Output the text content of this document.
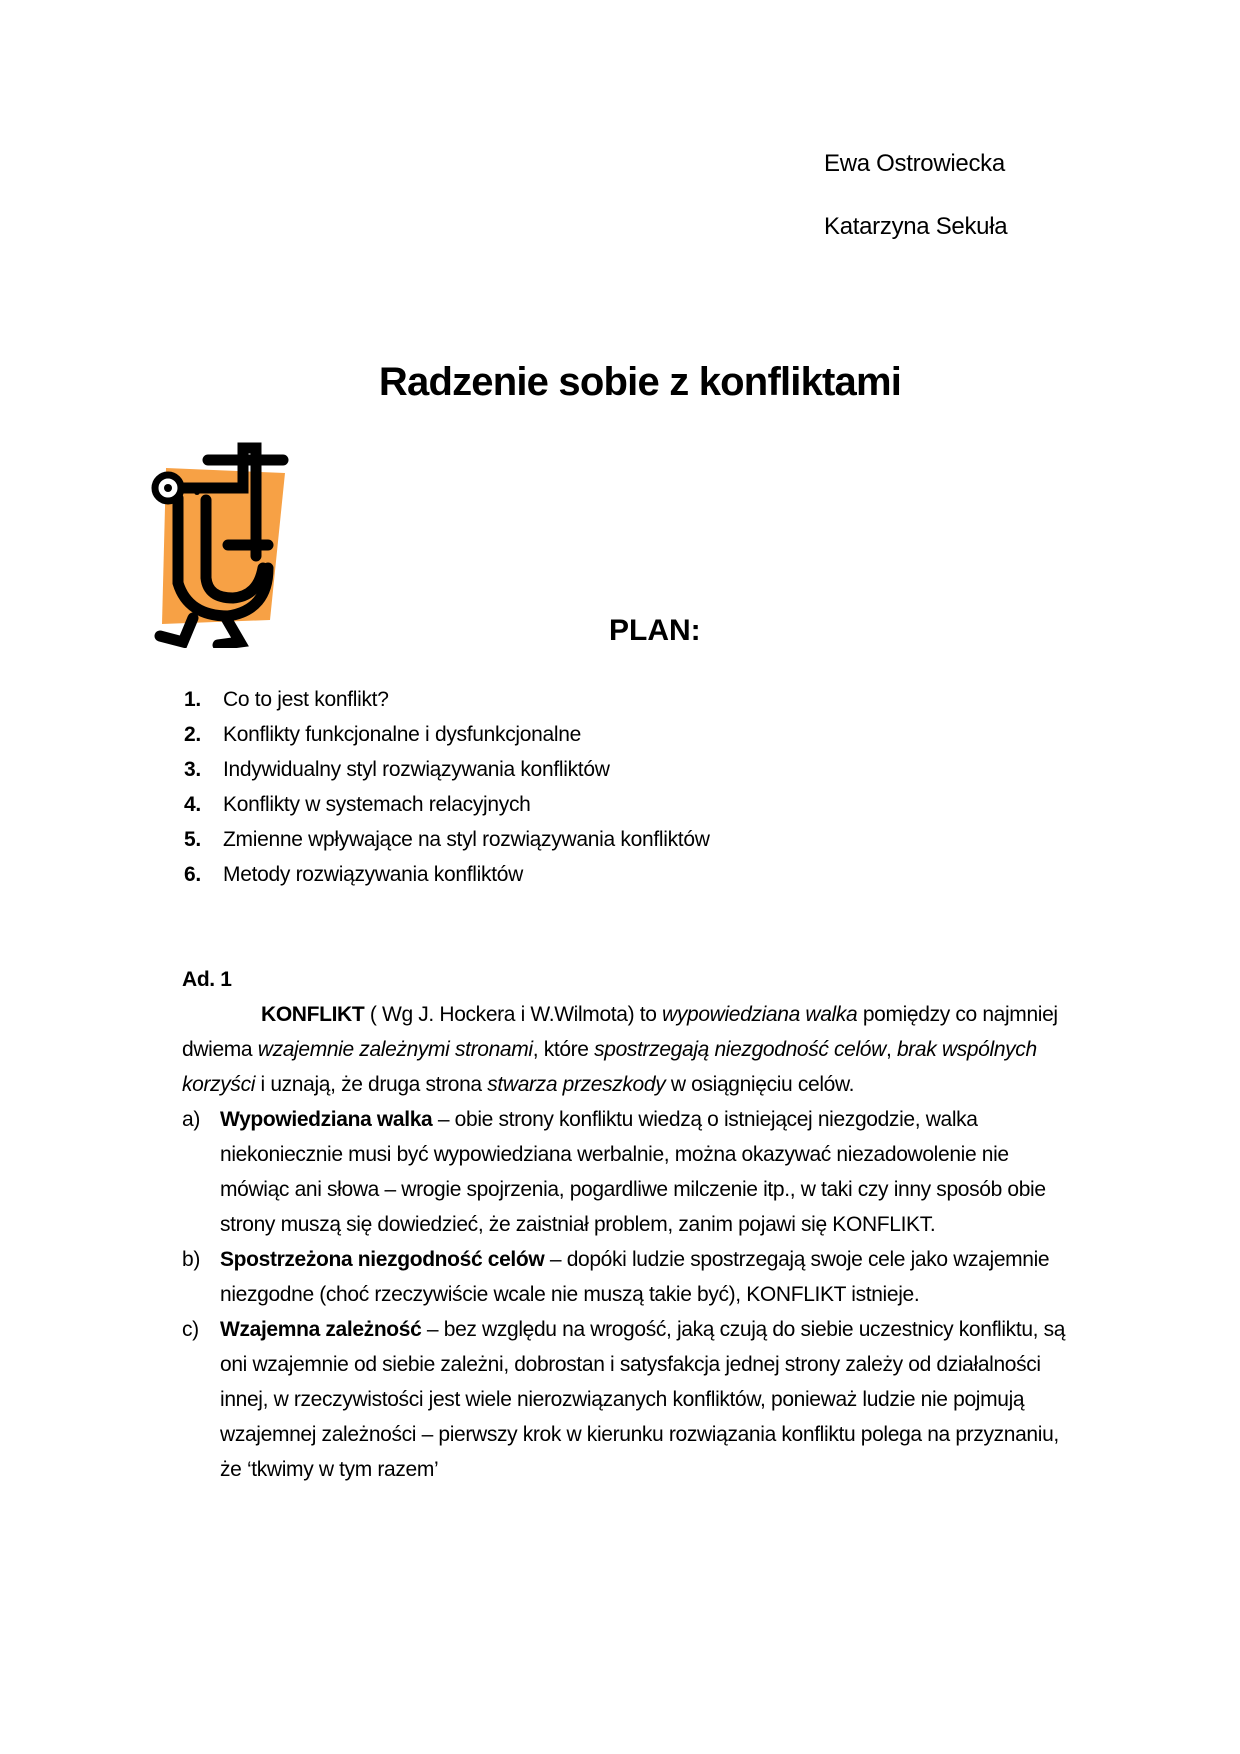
Ewa Ostrowiecka
Katarzyna Sekuła
Radzenie sobie z konfliktami
PLAN:
1.	Co to jest konflikt?
2.	Konflikty funkcjonalne i dysfunkcjonalne
3.	Indywidualny styl rozwiązywania konfliktów
4.	Konflikty w systemach relacyjnych
5.	Zmienne wpływające na styl rozwiązywania konfliktów
6.	Metody rozwiązywania konfliktów
Ad. 1
KONFLIKT ( Wg J. Hockera i W.Wilmota) to wypowiedziana walka pomiędzy co najmniej dwiema wzajemnie zależnymi stronami, które spostrzegają niezgodność celów, brak wspólnych korzyści i uznają, że druga strona stwarza przeszkody w osiągnięciu celów.
a) Wypowiedziana walka – obie strony konfliktu wiedzą o istniejącej niezgodzie, walka niekoniecznie musi być wypowiedziana werbalnie, można okazywać niezadowolenie nie mówiąc ani słowa – wrogie spojrzenia, pogardliwe milczenie itp., w taki czy inny sposób obie strony muszą się dowiedzieć, że zaistniał problem, zanim pojawi się KONFLIKT.
b) Spostrzeżona niezgodność celów – dopóki ludzie spostrzegają swoje cele jako wzajemnie niezgodne (choć rzeczywiście wcale nie muszą takie być), KONFLIKT istnieje.
c)	Wzajemna zależność – bez względu na wrogość, jaką czują do siebie uczestnicy konfliktu, są oni wzajemnie od siebie zależni, dobrostan i satysfakcja jednej strony zależy od działalności innej, w rzeczywistości jest wiele nierozwiązanych konfliktów, ponieważ ludzie nie pojmują wzajemnej zależności – pierwszy krok w kierunku rozwiązania konfliktu polega na przyznaniu, że ‘tkwimy w tym razem’
